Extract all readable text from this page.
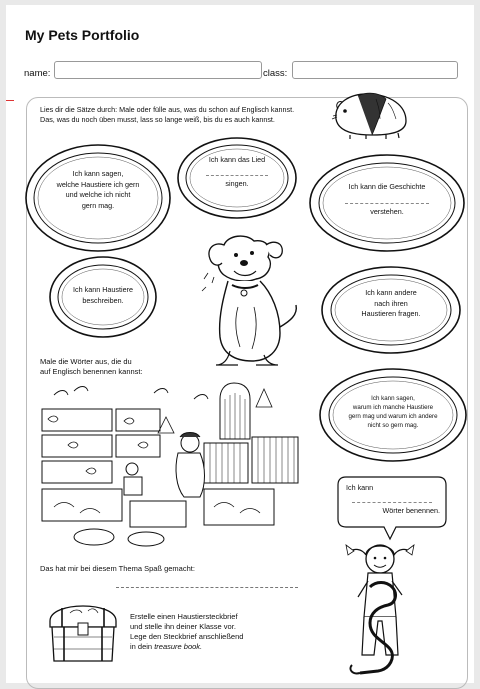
My Pets Portfolio
name:	class:
Lies dir die Sätze durch: Male oder fülle aus, was du schon auf Englisch kannst.
Das, was du noch üben musst, lass so lange weiß, bis du es auch kannst.
Ich kann sagen,
welche Haustiere ich gern
und welche ich nicht
gern mag.
Ich kann das Lied
singen.	Ich kann die Geschichte
verstehen.
Ich kann Haustiere
beschreiben.
Ich kann andere
nach ihren
Haustieren fragen.
Male die Wörter aus, die du
auf Englisch benennen kannst:
Ich kann sagen,
warum ich manche Haustiere
gern mag und warum ich andere
nicht so gern mag.
Ich kann
Wörter benennen.
Das hat mir bei diesem Thema Spaß gemacht:
Erstelle einen Haustiersteckbrief
und stelle ihn deiner Klasse vor.
Lege den Steckbrief anschließend
in dein treasure book.
